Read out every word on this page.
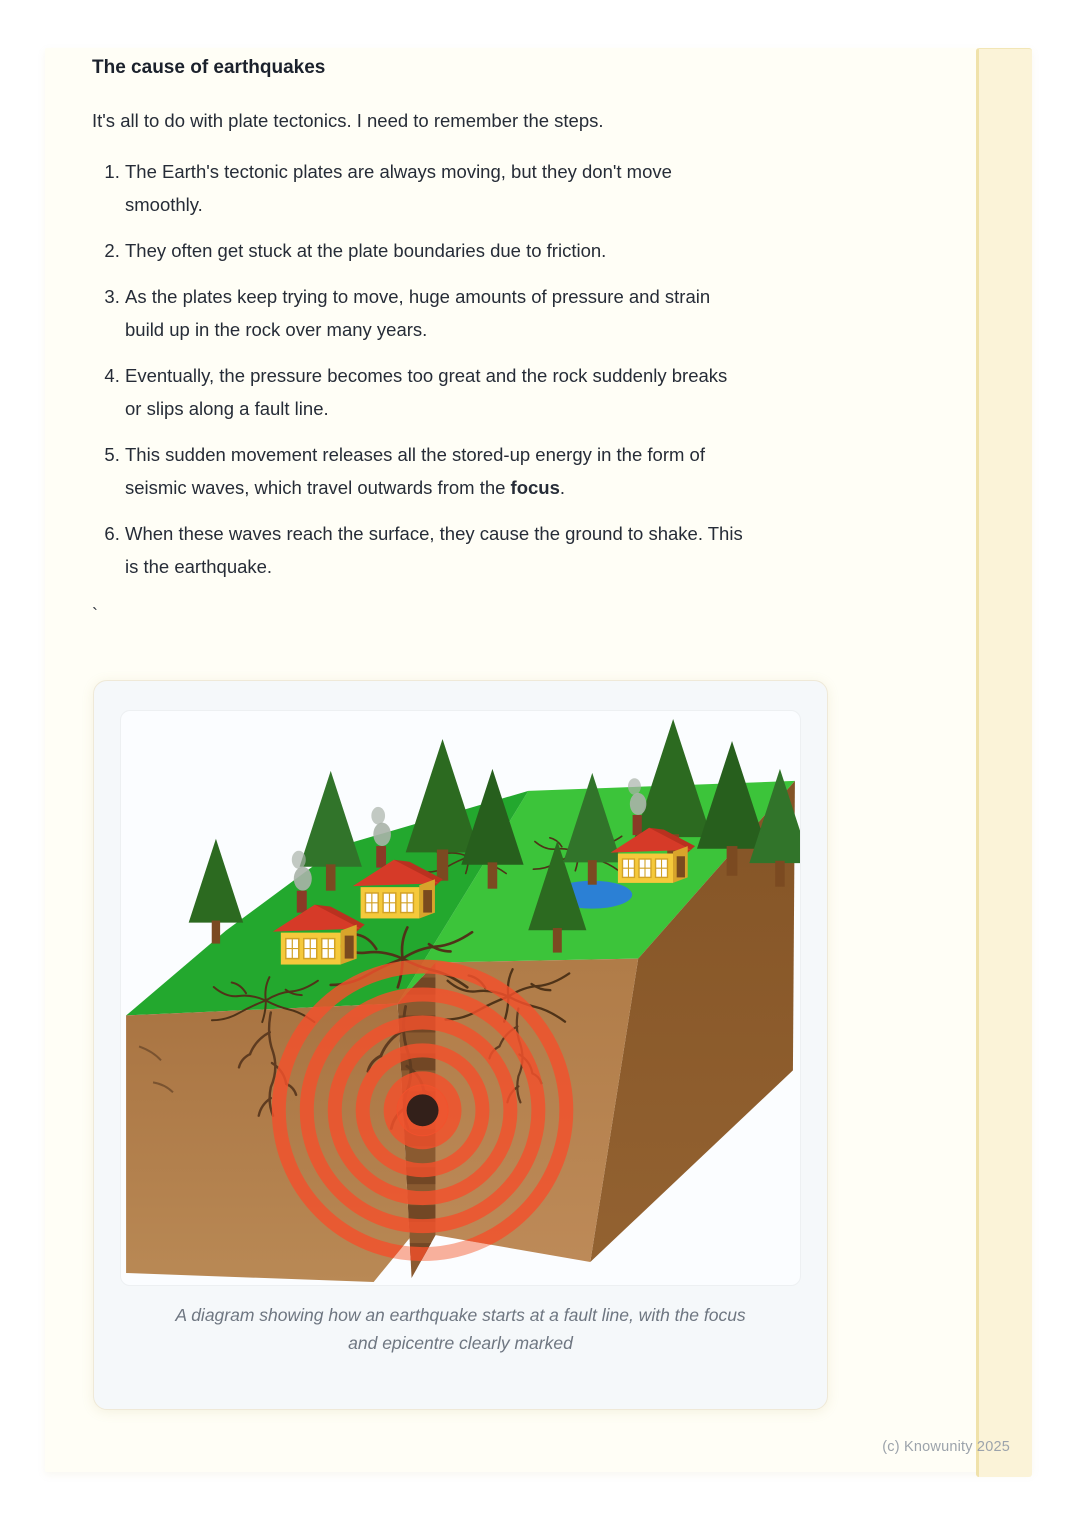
The cause of earthquakes

It's all to do with plate tectonics. I need to remember the steps.

1. The Earth's tectonic plates are always moving, but they don't move
smoothly.
2. They often get stuck at the plate boundaries due to friction.
3. As the plates keep trying to move, huge amounts of pressure and strain
build up in the rock over many years.
4. Eventually, the pressure becomes too great and the rock suddenly breaks
or slips along a fault line.
5. This sudden movement releases all the stored-up energy in the form of
seismic waves, which travel outwards from the focus.
6. When these waves reach the surface, they cause the ground to shake. This
is the earthquake.
`
A diagram showing how an earthquake starts at a fault line, with the focus
and epicentre clearly marked
(c) Knowunity 2025
